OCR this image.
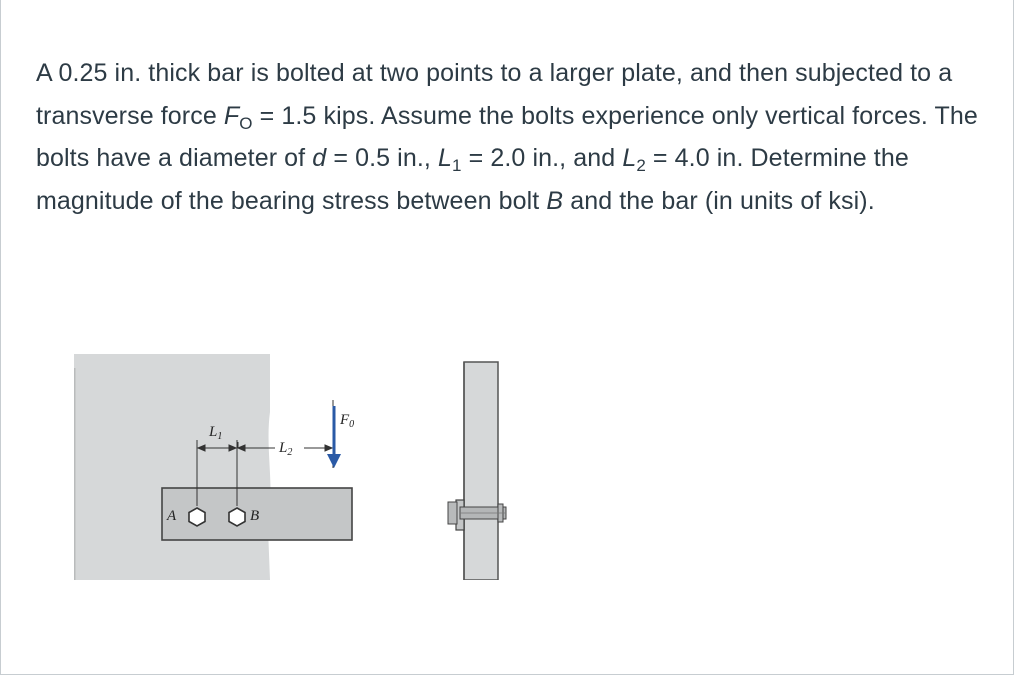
A 0.25 in. thick bar is bolted at two points to a larger plate, and then subjected to a transverse force $F_O = 1.5$ kips. Assume the bolts experience only vertical forces. The bolts have a diameter of d = 0.5 in., $L_1 = 2.0$ in., and $L_2 = 4.0$ in. Determine the magnitude of the bearing stress between bolt B and the bar (in units of ksi).

$L_1$
$L_2$
$F_0$
A	B
